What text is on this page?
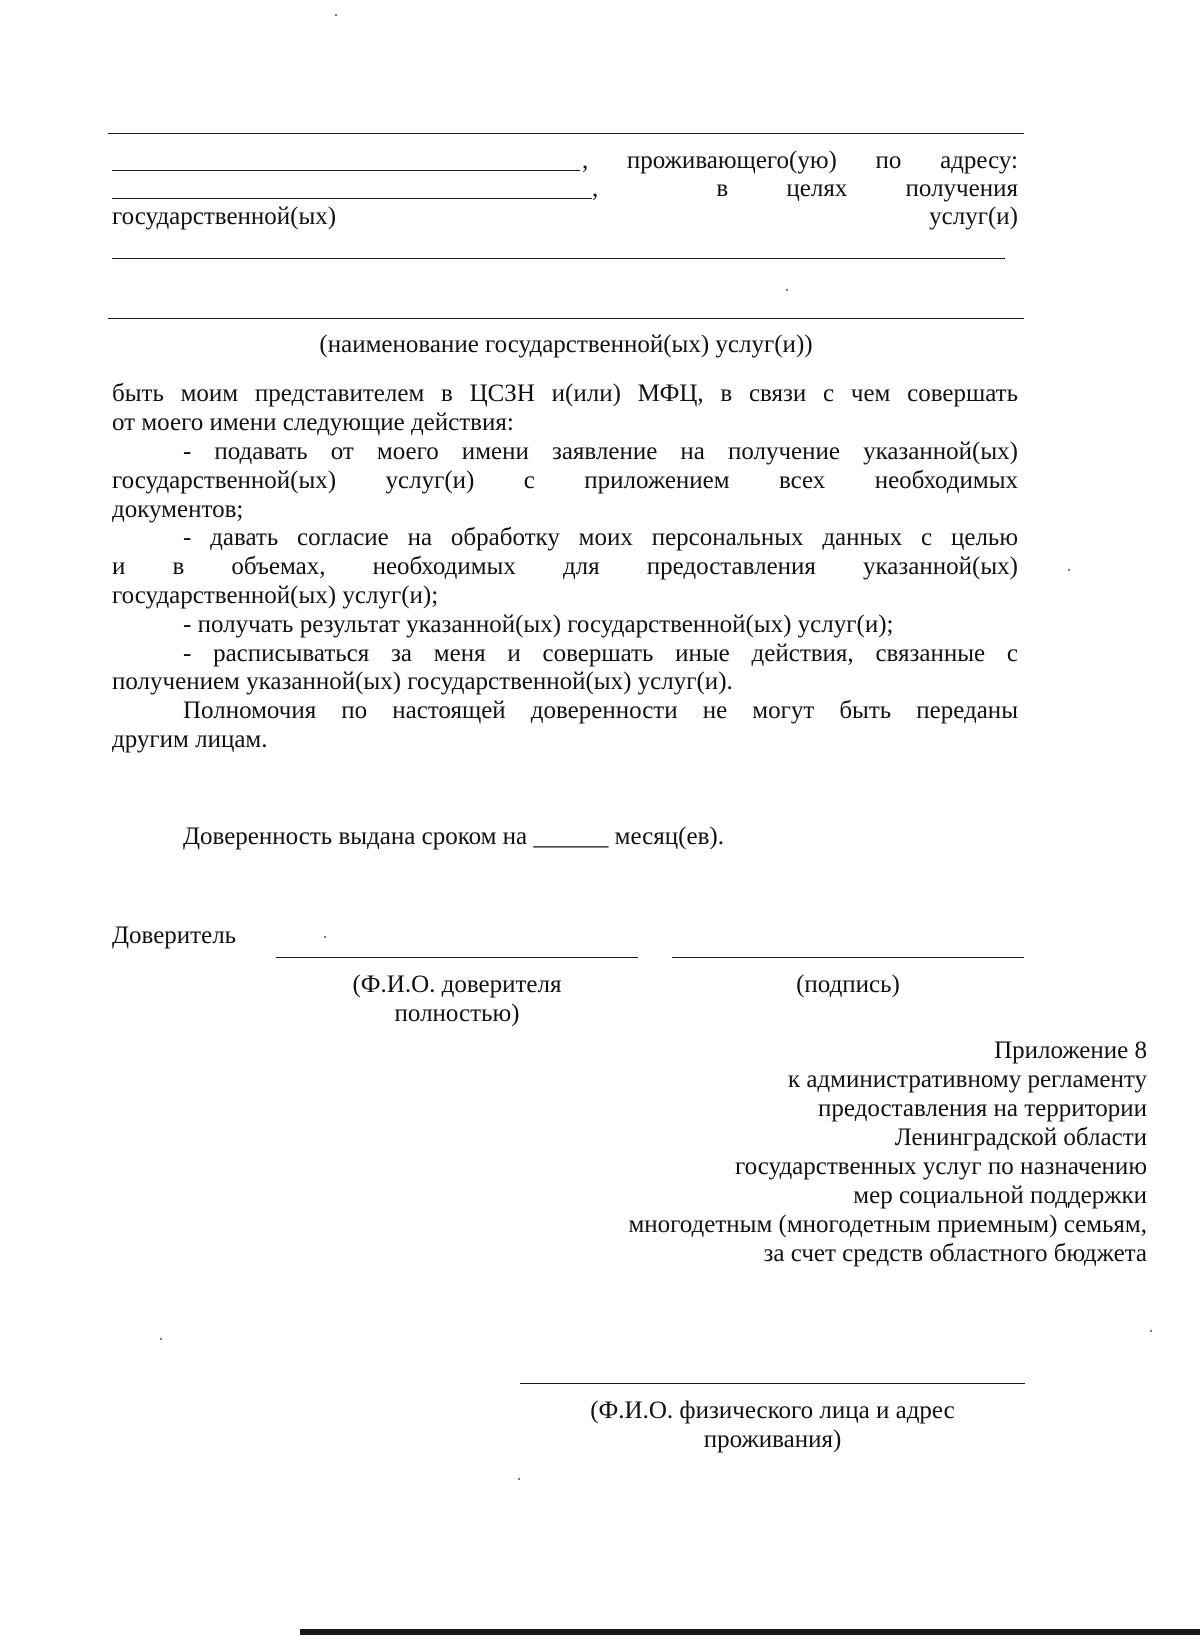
, проживающего(ую) по адресу:
,	в целях получения
государственной(ых)	услуг(и)
(наименование государственной(ых) услуг(и))
быть моим представителем в ЦСЗН и(или) МФЦ, в связи с чем совершать
от моего имени следующие действия:
- подавать от моего имени заявление на получение указанной(ых)
государственной(ых) услуг(и) с приложением всех необходимых
документов;
- давать согласие на обработку моих персональных данных с целью
и в объемах, необходимых для предоставления указанной(ых)
государственной(ых) услуг(и);
- получать результат указанной(ых) государственной(ых) услуг(и);
- расписываться за меня и совершать иные действия, связанные с
получением указанной(ых) государственной(ых) услуг(и).
Полномочия по настоящей доверенности не могут быть переданы
другим лицам.
Доверенность выдана сроком на ______ месяц(ев).
Доверитель
(Ф.И.О. доверителя
полностью)
(подпись)
Приложение 8
к административному регламенту
предоставления на территории
Ленинградской области
государственных услуг по назначению
мер социальной поддержки
многодетным (многодетным приемным) семьям,
за счет средств областного бюджета
(Ф.И.О. физического лица и адрес
проживания)
